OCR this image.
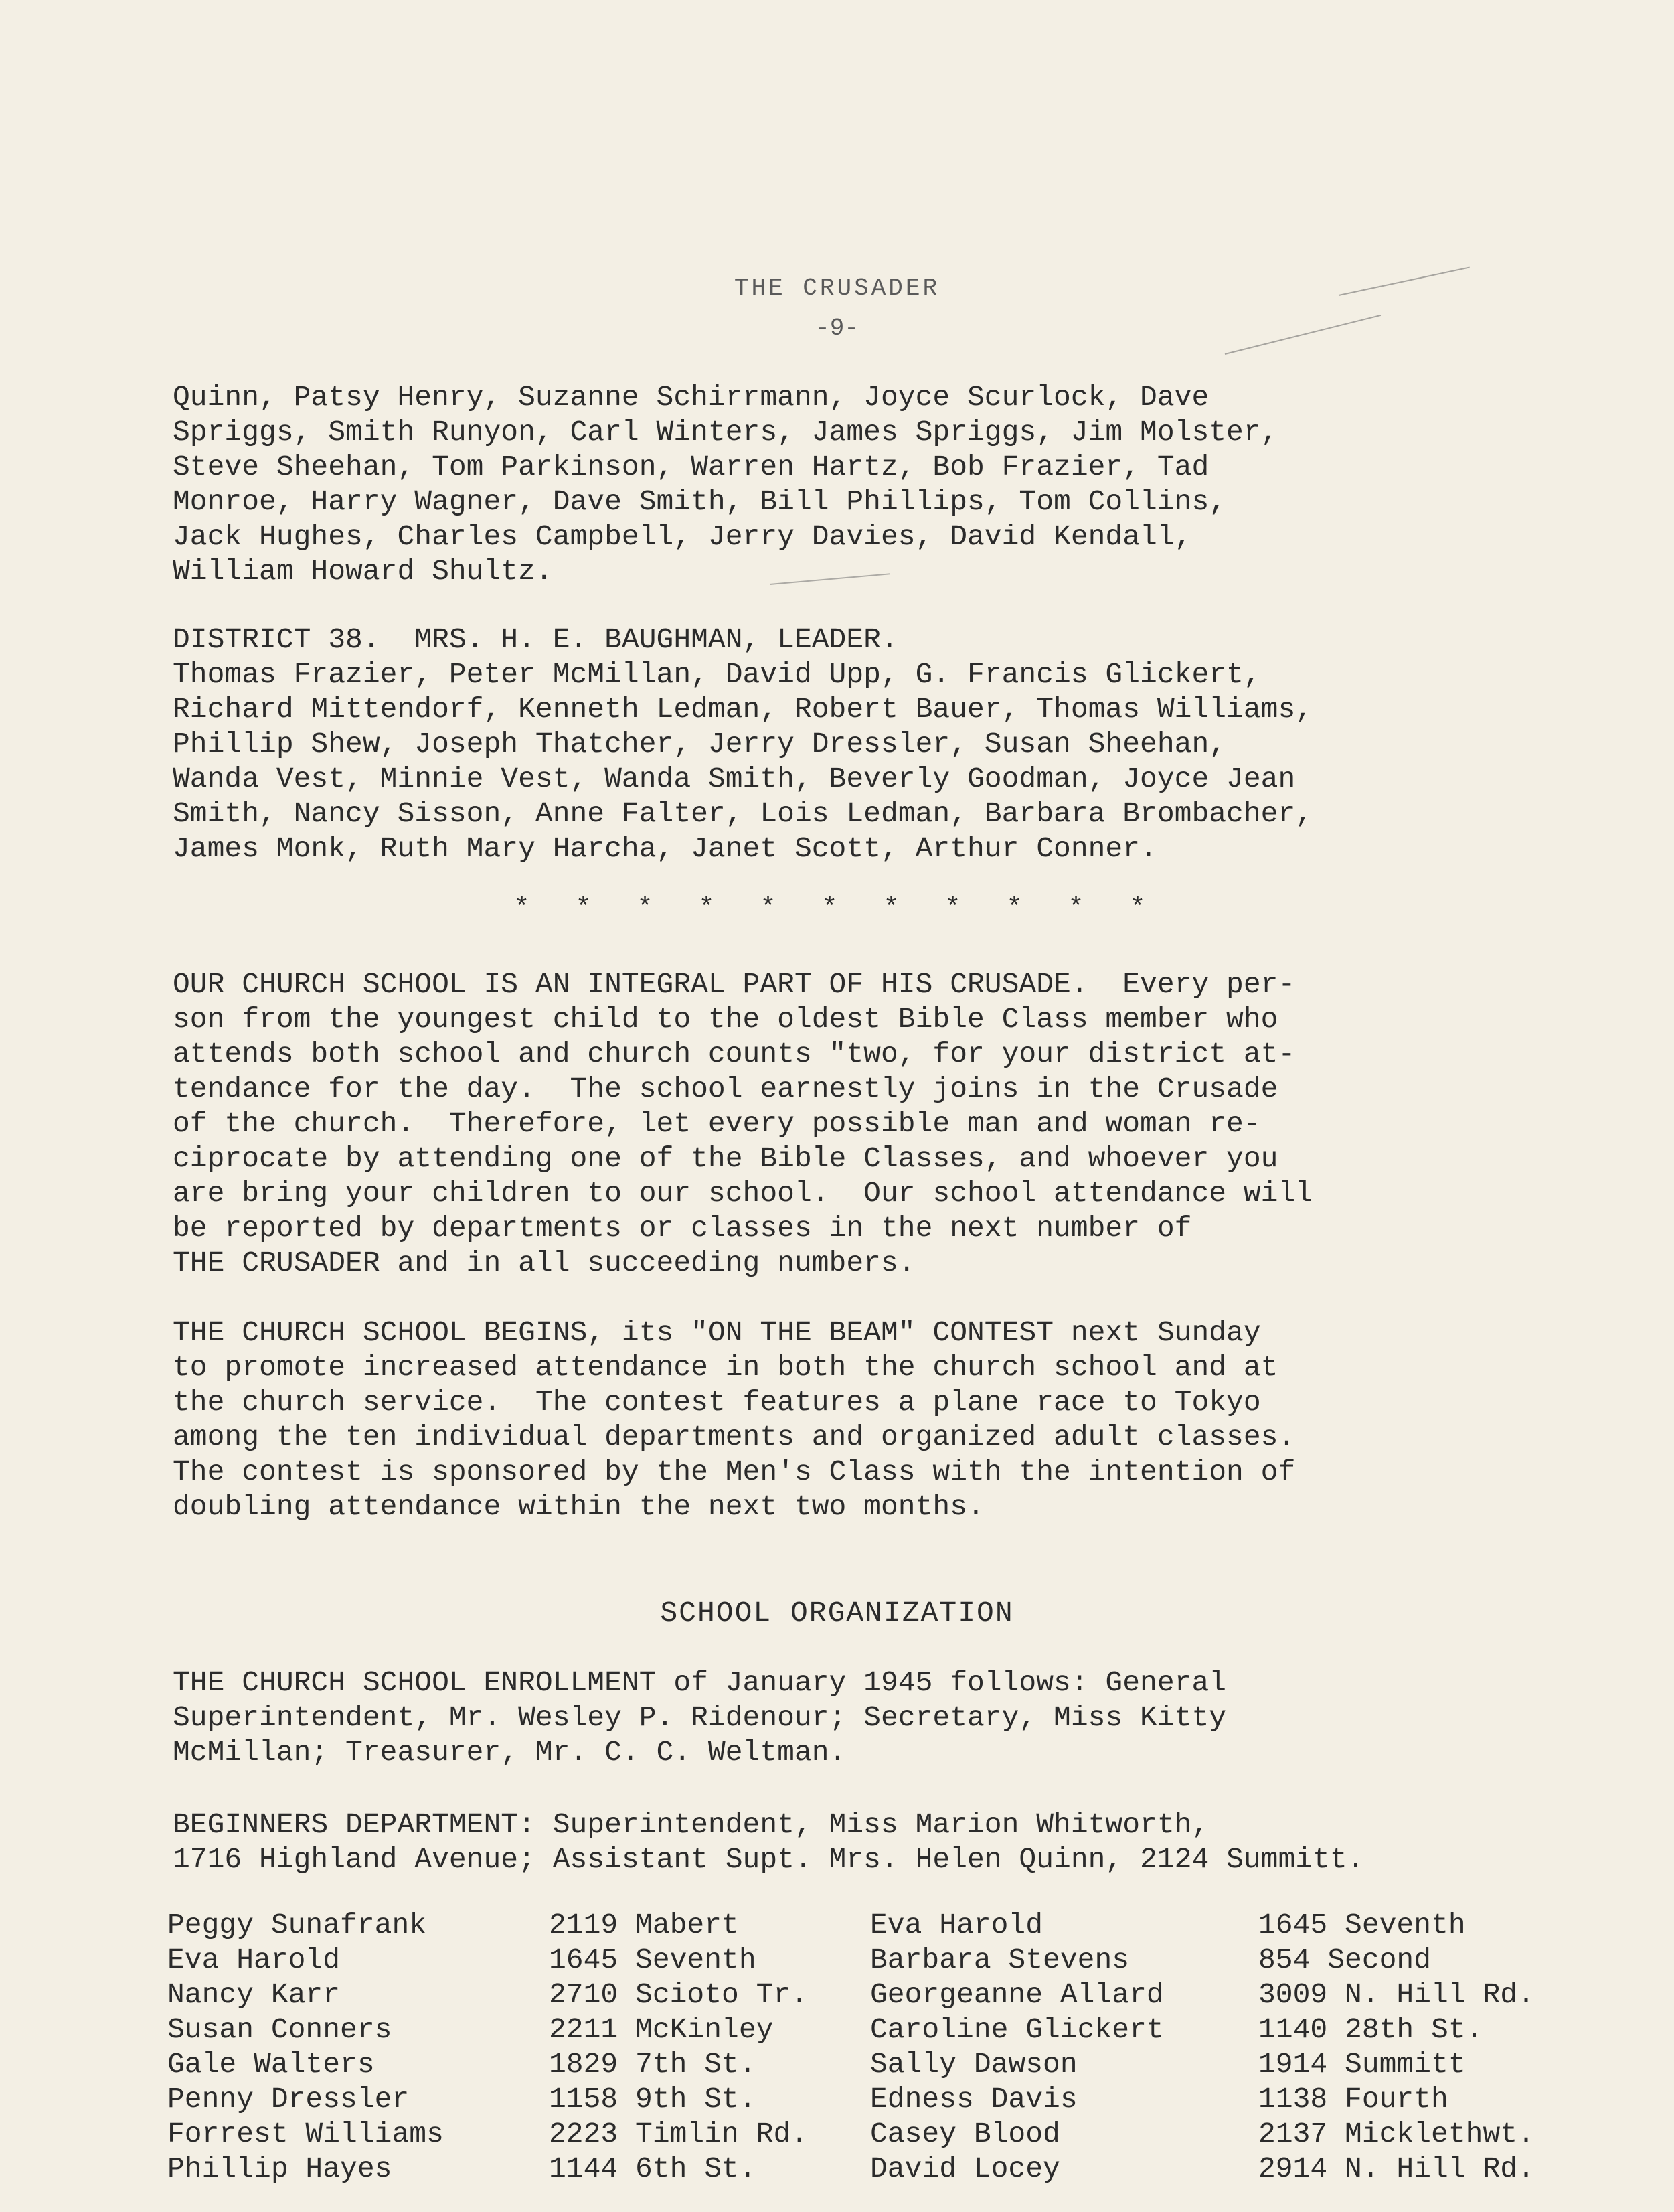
THE CRUSADER
-9-
Quinn, Patsy Henry, Suzanne Schirrmann, Joyce Scurlock, Dave
Spriggs, Smith Runyon, Carl Winters, James Spriggs, Jim Molster,
Steve Sheehan, Tom Parkinson, Warren Hartz, Bob Frazier, Tad
Monroe, Harry Wagner, Dave Smith, Bill Phillips, Tom Collins,
Jack Hughes, Charles Campbell, Jerry Davies, David Kendall,
William Howard Shultz.
DISTRICT 38.  MRS. H. E. BAUGHMAN, LEADER.
Thomas Frazier, Peter McMillan, David Upp, G. Francis Glickert,
Richard Mittendorf, Kenneth Ledman, Robert Bauer, Thomas Williams,
Phillip Shew, Joseph Thatcher, Jerry Dressler, Susan Sheehan,
Wanda Vest, Minnie Vest, Wanda Smith, Beverly Goodman, Joyce Jean
Smith, Nancy Sisson, Anne Falter, Lois Ledman, Barbara Brombacher,
James Monk, Ruth Mary Harcha, Janet Scott, Arthur Conner.
* * * * * * * * * * *
OUR CHURCH SCHOOL IS AN INTEGRAL PART OF HIS CRUSADE.  Every per-
son from the youngest child to the oldest Bible Class member who
attends both school and church counts "two, for your district at-
tendance for the day.  The school earnestly joins in the Crusade
of the church.  Therefore, let every possible man and woman re-
ciprocate by attending one of the Bible Classes, and whoever you
are bring your children to our school.  Our school attendance will
be reported by departments or classes in the next number of
THE CRUSADER and in all succeeding numbers.
THE CHURCH SCHOOL BEGINS, its "ON THE BEAM" CONTEST next Sunday
to promote increased attendance in both the church school and at
the church service.  The contest features a plane race to Tokyo
among the ten individual departments and organized adult classes.
The contest is sponsored by the Men's Class with the intention of
doubling attendance within the next two months.
SCHOOL ORGANIZATION
THE CHURCH SCHOOL ENROLLMENT of January 1945 follows: General
Superintendent, Mr. Wesley P. Ridenour; Secretary, Miss Kitty
McMillan; Treasurer, Mr. C. C. Weltman.
BEGINNERS DEPARTMENT: Superintendent, Miss Marion Whitworth,
1716 Highland Avenue; Assistant Supt. Mrs. Helen Quinn, 2124 Summitt.
Peggy Sunafrank	2119 Mabert	Eva Harold	1645 Seventh
Eva Harold	1645 Seventh	Barbara Stevens	854 Second
Nancy Karr	2710 Scioto Tr.	Georgeanne Allard	3009 N. Hill Rd.
Susan Conners	2211 McKinley	Caroline Glickert	1140 28th St.
Gale Walters	1829 7th St.	Sally Dawson	1914 Summitt
Penny Dressler	1158 9th St.	Edness Davis	1138 Fourth
Forrest Williams	2223 Timlin Rd.	Casey Blood	2137 Micklethwt.
Phillip Hayes	1144 6th St.	David Locey	2914 N. Hill Rd.
